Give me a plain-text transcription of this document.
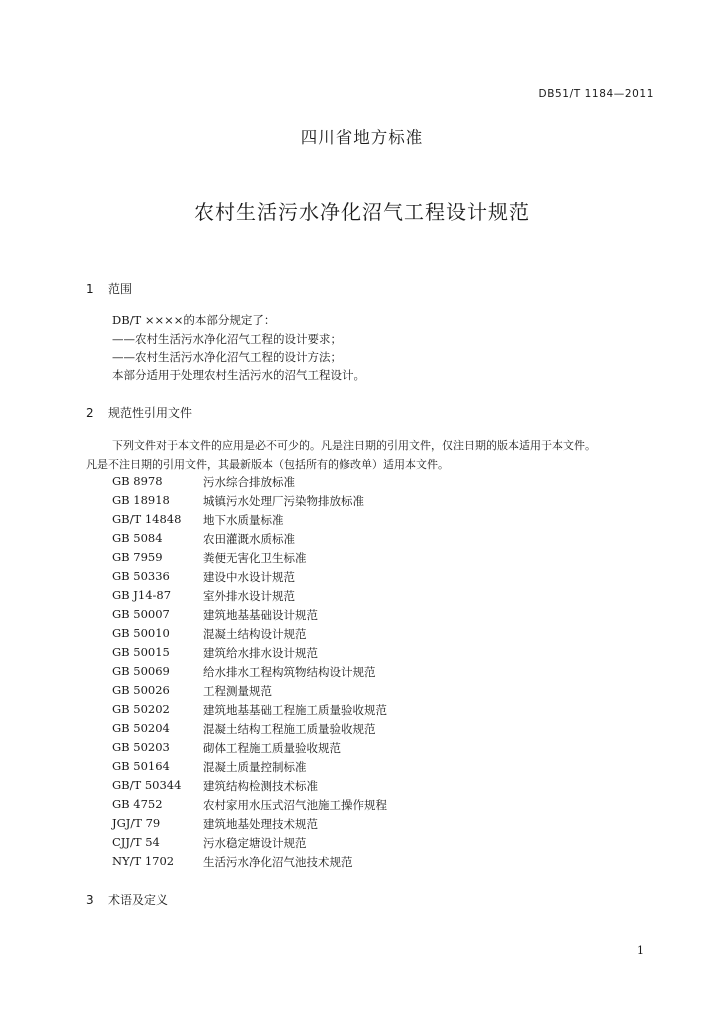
DB51/T 1184—2011
四川省地方标准
农村生活污水净化沼气工程设计规范
1 范围
DB/T ××××的本部分规定了：
——农村生活污水净化沼气工程的设计要求；
——农村生活污水净化沼气工程的设计方法；
本部分适用于处理农村生活污水的沼气工程设计。
2 规范性引用文件
下列文件对于本文件的应用是必不可少的。凡是注日期的引用文件，仅注日期的版本适用于本文件。
凡是不注日期的引用文件，其最新版本（包括所有的修改单）适用本文件。
GB 8978	污水综合排放标准
GB 18918	城镇污水处理厂污染物排放标准
GB/T 14848 地下水质量标准
GB 5084	农田灌溉水质标准
GB 7959	粪便无害化卫生标准
GB 50336	建设中水设计规范
GB J14-87	室外排水设计规范
GB 50007	建筑地基基础设计规范
GB 50010	混凝土结构设计规范
GB 50015	建筑给水排水设计规范
GB 50069	给水排水工程构筑物结构设计规范
GB 50026	工程测量规范
GB 50202	建筑地基基础工程施工质量验收规范
GB 50204	混凝土结构工程施工质量验收规范
GB 50203	砌体工程施工质量验收规范
GB 50164	混凝土质量控制标准
GB/T 50344 建筑结构检测技术标准
GB 4752	农村家用水压式沼气池施工操作规程
JGJ/T 79	建筑地基处理技术规范
CJJ/T 54	污水稳定塘设计规范
NY/T 1702	生活污水净化沼气池技术规范
3 术语及定义
1
